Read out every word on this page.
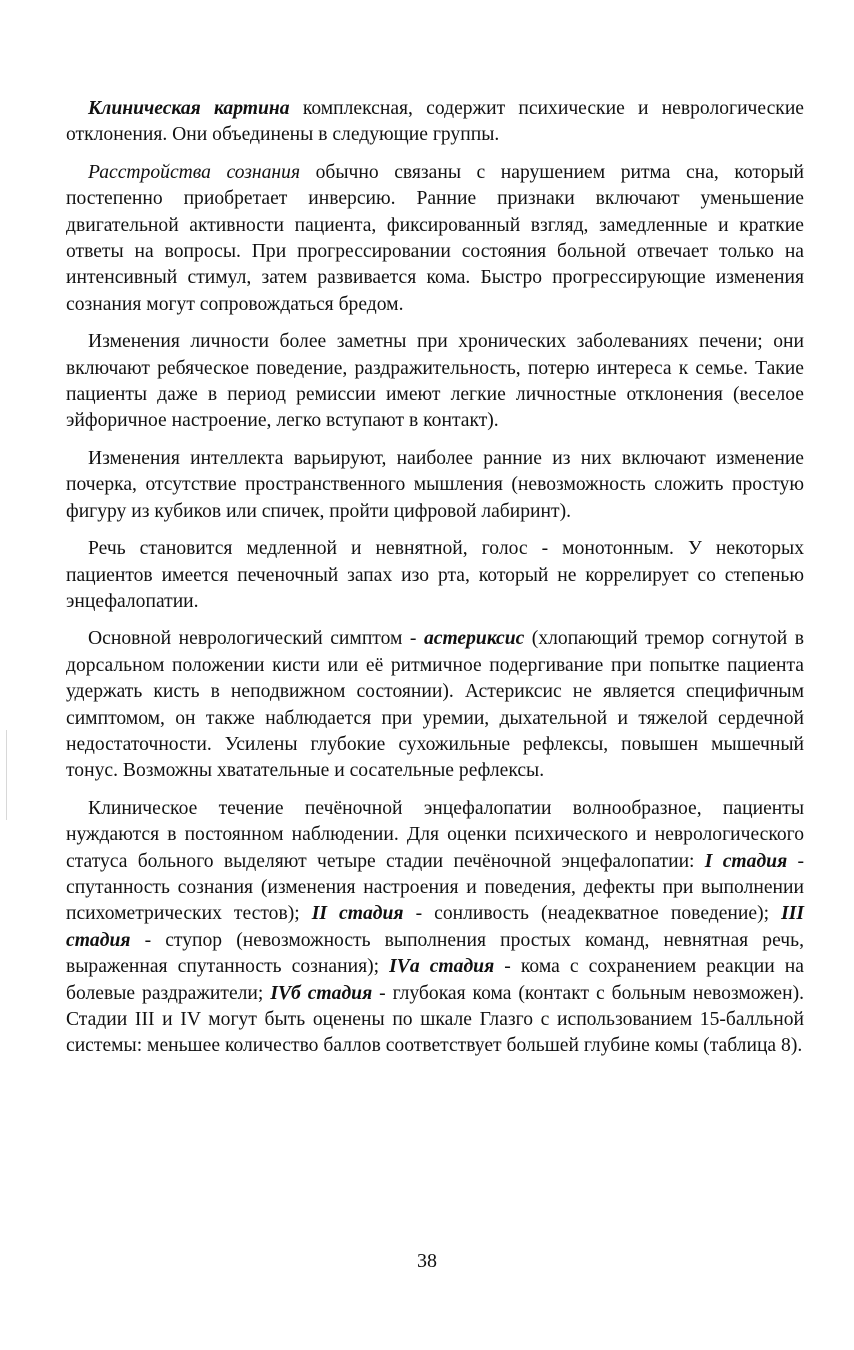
Клиническая картина комплексная, содержит психические и неврологические отклонения. Они объединены в следующие группы.

Расстройства сознания обычно связаны с нарушением ритма сна, который постепенно приобретает инверсию. Ранние признаки включают уменьшение двигательной активности пациента, фиксированный взгляд, замедленные и краткие ответы на вопросы. При прогрессировании состояния больной отвечает только на интенсивный стимул, затем развивается кома. Быстро прогрессирующие изменения сознания могут сопровождаться бредом.

Изменения личности более заметны при хронических заболеваниях печени; они включают ребяческое поведение, раздражительность, потерю интереса к семье. Такие пациенты даже в период ремиссии имеют легкие личностные отклонения (веселое эйфоричное настроение, легко вступают в контакт).

Изменения интеллекта варьируют, наиболее ранние из них включают изменение почерка, отсутствие пространственного мышления (невозможность сложить простую фигуру из кубиков или спичек, пройти цифровой лабиринт).

Речь становится медленной и невнятной, голос - монотонным. У некоторых пациентов имеется печеночный запах изо рта, который не коррелирует со степенью энцефалопатии.

Основной неврологический симптом - астериксис (хлопающий тремор согнутой в дорсальном положении кисти или её ритмичное подергивание при попытке пациента удержать кисть в неподвижном состоянии). Астериксис не является специфичным симптомом, он также наблюдается при уремии, дыхательной и тяжелой сердечной недостаточности. Усилены глубокие сухожильные рефлексы, повышен мышечный тонус. Возможны хватательные и сосательные рефлексы.

Клиническое течение печёночной энцефалопатии волнообразное, пациенты нуждаются в постоянном наблюдении. Для оценки психического и неврологического статуса больного выделяют четыре стадии печёночной энцефалопатии: I стадия - спутанность сознания (изменения настроения и поведения, дефекты при выполнении психометрических тестов); II стадия - сонливость (неадекватное поведение); III стадия - ступор (невозможность выполнения простых команд, невнятная речь, выраженная спутанность сознания); IVа стадия - кома с сохранением реакции на болевые раздражители; IVб стадия - глубокая кома (контакт с больным невозможен). Стадии III и IV могут быть оценены по шкале Глазго с использованием 15-балльной системы: меньшее количество баллов соответствует большей глубине комы (таблица 8).

38
